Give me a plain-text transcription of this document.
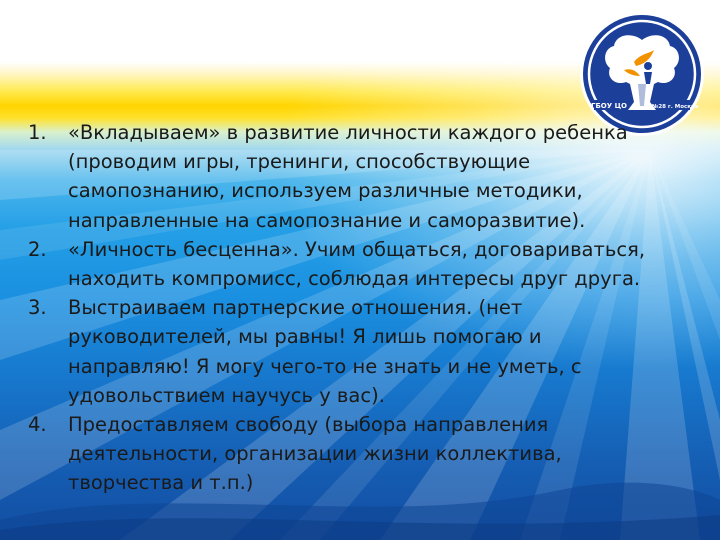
ГБОУ ЦО	№28 г. Москва
1. «Вкладываем» в развитие личности каждого ребенка (проводим игры, тренинги, способствующие самопознанию, используем различные методики, направленные на самопознание и саморазвитие).
2. «Личность бесценна». Учим общаться, договариваться, находить компромисс, соблюдая интересы друг друга.
3. Выстраиваем партнерские отношения. (нет руководителей, мы равны! Я лишь помогаю и направляю! Я могу чего-то не знать и не уметь, с удовольствием научусь у вас).
4. Предоставляем свободу (выбора направления деятельности, организации жизни коллектива, творчества и т.п.)
